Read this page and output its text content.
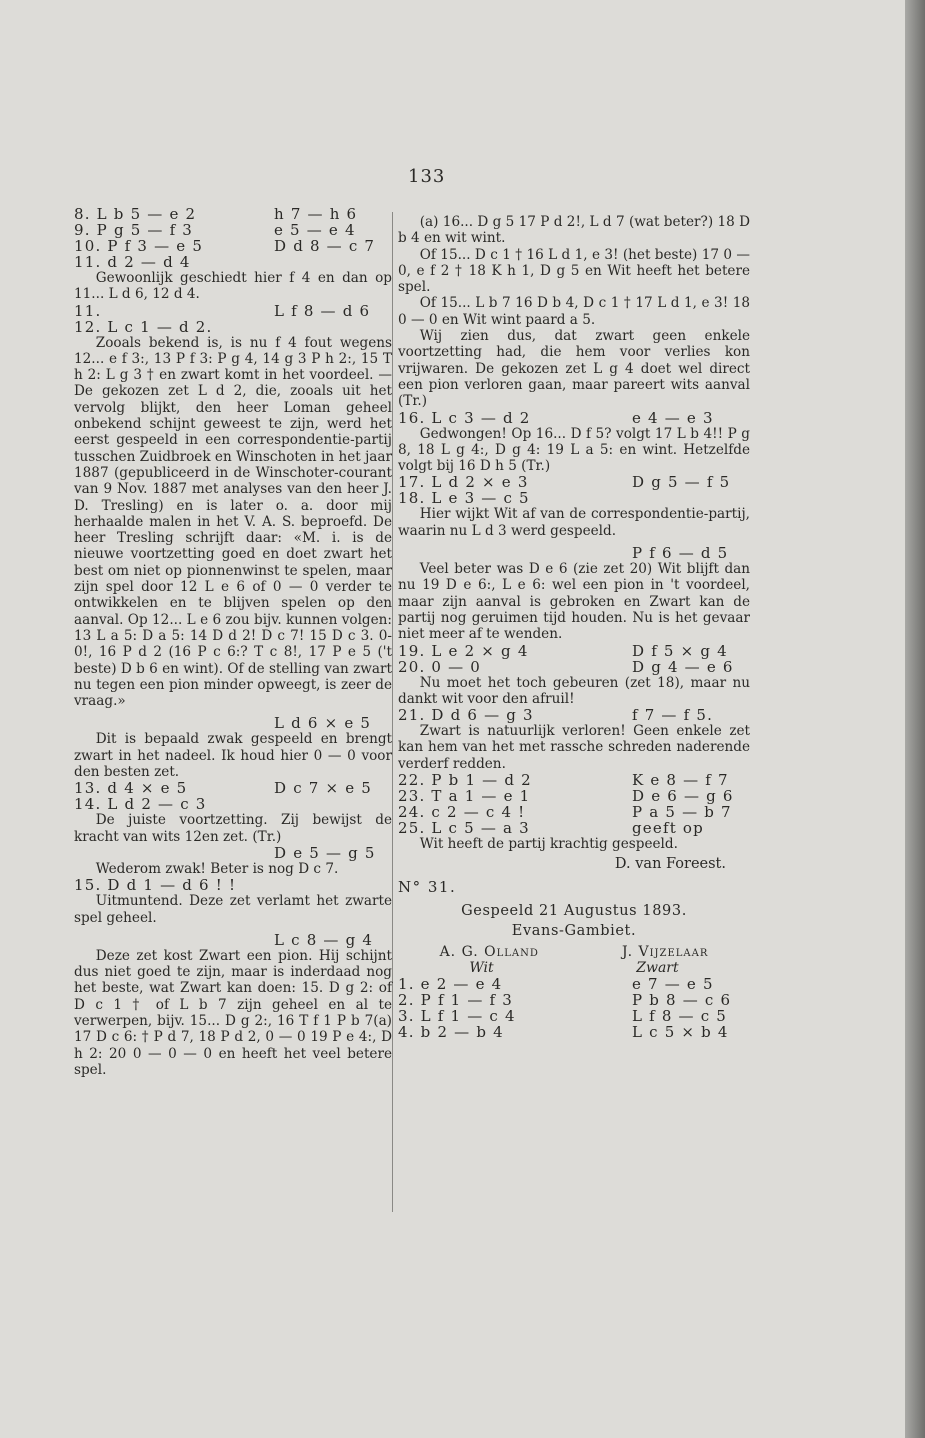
133
8. L b 5 — e 2	h 7 — h 6
9. P g 5 — f 3	e 5 — e 4
10. P f 3 — e 5	D d 8 — c 7
11. d 2 — d 4

Gewoonlijk geschiedt hier f 4 en dan op 11... L d 6, 12 d 4.

11.	L f 8 — d 6
12. L c 1 — d 2.

Zooals bekend is, is nu f 4 fout wegens 12... e f 3:, 13 P f 3: P g 4, 14 g 3 P h 2:, 15 T h 2: L g 3 † en zwart komt in het voordeel. — De gekozen zet L d 2, die, zooals uit het vervolg blijkt, den heer Loman geheel onbekend schijnt geweest te zijn, werd het eerst gespeeld in een correspondentie-partij tusschen Zuidbroek en Winschoten in het jaar 1887 (gepubliceerd in de Winschoter-courant van 9 Nov. 1887 met analyses van den heer J. D. Tresling) en is later o. a. door mij herhaalde malen in het V. A. S. beproefd. De heer Tresling schrijft daar: «M. i. is de nieuwe voortzetting goed en doet zwart het best om niet op pionnenwinst te spelen, maar zijn spel door 12 L e 6 of 0 — 0 verder te ontwikkelen en te blijven spelen op den aanval. Op 12... L e 6 zou bijv. kunnen volgen: 13 L a 5: D a 5: 14 D d 2! D c 7! 15 D c 3. 0-0!, 16 P d 2 (16 P c 6:? T c 8!, 17 P e 5 ('t beste) D b 6 en wint). Of de stelling van zwart nu tegen een pion minder opweegt, is zeer de vraag.»

L d 6 × e 5

Dit is bepaald zwak gespeeld en brengt zwart in het nadeel. Ik houd hier 0 — 0 voor den besten zet.

13. d 4 × e 5	D c 7 × e 5
14. L d 2 — c 3

De juiste voortzetting. Zij bewijst de kracht van wits 12en zet. (Tr.)

D e 5 — g 5

Wederom zwak! Beter is nog D c 7.

15. D d 1 — d 6 ! !

Uitmuntend. Deze zet verlamt het zwarte spel geheel.

L c 8 — g 4

Deze zet kost Zwart een pion. Hij schijnt dus niet goed te zijn, maar is inderdaad nog het beste, wat Zwart kan doen: 15. D g 2: of D c 1 † of L b 7 zijn geheel en al te verwerpen, bijv. 15... D g 2:, 16 T f 1 P b 7(a) 17 D c 6: † P d 7, 18 P d 2, 0 — 0 19 P e 4:, D h 2: 20 0 — 0 — 0 en heeft het veel betere spel.

(a) 16... D g 5 17 P d 2!, L d 7 (wat beter?) 18 D b 4 en wit wint.

Of 15... D c 1 † 16 L d 1, e 3! (het beste) 17 0 — 0, e f 2 † 18 K h 1, D g 5 en Wit heeft het betere spel.

Of 15... L b 7 16 D b 4, D c 1 † 17 L d 1, e 3! 18 0 — 0 en Wit wint paard a 5.

Wij zien dus, dat zwart geen enkele voortzetting had, die hem voor verlies kon vrijwaren. De gekozen zet L g 4 doet wel direct een pion verloren gaan, maar pareert wits aanval (Tr.)

16. L c 3 — d 2	e 4 — e 3

Gedwongen! Op 16... D f 5? volgt 17 L b 4!! P g 8, 18 L g 4:, D g 4: 19 L a 5: en wint. Hetzelfde volgt bij 16 D h 5 (Tr.)

17. L d 2 × e 3	D g 5 — f 5
18. L e 3 — c 5

Hier wijkt Wit af van de correspondentie-partij, waarin nu L d 3 werd gespeeld.

P f 6 — d 5

Veel beter was D e 6 (zie zet 20) Wit blijft dan nu 19 D e 6:, L e 6: wel een pion in 't voordeel, maar zijn aanval is gebroken en Zwart kan de partij nog geruimen tijd houden. Nu is het gevaar niet meer af te wenden.

19. L e 2 × g 4	D f 5 × g 4
20. 0 — 0	D g 4 — e 6

Nu moet het toch gebeuren (zet 18), maar nu dankt wit voor den afruil!

21. D d 6 — g 3	f 7 — f 5.

Zwart is natuurlijk verloren! Geen enkele zet kan hem van het met rassche schreden naderende verderf redden.

22. P b 1 — d 2	K e 8 — f 7
23. T a 1 — e 1	D e 6 — g 6
24. c 2 — c 4 !	P a 5 — b 7
25. L c 5 — a 3	geeft op

Wit heeft de partij krachtig gespeeld.

D. van Foreest.
N° 31.
Gespeeld 21 Augustus 1893.
Evans-Gambiet.
A. G. Olland	J. Vijzelaar
Wit	Zwart
1. e 2 — e 4	e 7 — e 5
2. P f 1 — f 3	P b 8 — c 6
3. L f 1 — c 4	L f 8 — c 5
4. b 2 — b 4	L c 5 × b 4
